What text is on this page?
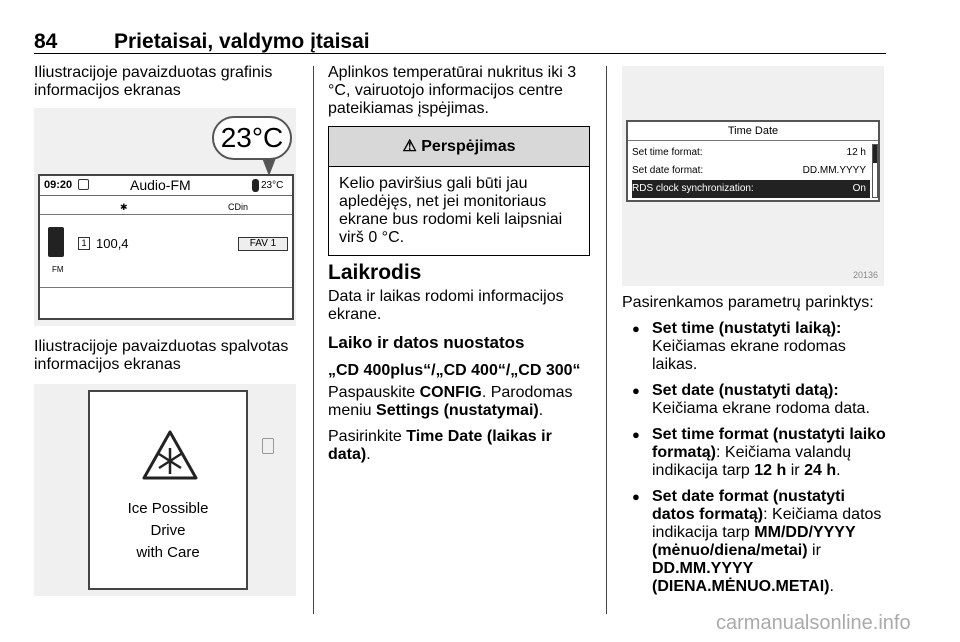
84	Prietaisai, valdymo įtaisai

Iliustracijoje pavaizduotas grafinis informacijos ekranas

23°C
09:20	Audio-FM	23°C
✱	CDin
FM
1 100,4	FAV 1

Iliustracijoje pavaizduotas spalvotas informacijos ekranas

Ice Possible
Drive
with Care

Aplinkos temperatūrai nukritus iki 3 °C, vairuotojo informacijos centre pateikiamas įspėjimas.

⚠ Perspėjimas
Kelio paviršius gali būti jau apledėjęs, net jei monitoriaus ekrane bus rodomi keli laipsniai virš 0 °C.

Laikrodis

Data ir laikas rodomi informacijos ekrane.

Laiko ir datos nuostatos

„CD 400plus“/„CD 400“/„CD 300“

Paspauskite CONFIG. Parodomas meniu Settings (nustatymai).

Pasirinkite Time Date (laikas ir data).

Time Date
Set time format:	12 h
Set date format:	DD.MM.YYYY
RDS clock synchronization:	On
20136

Pasirenkamos parametrų parinktys:

● Set time (nustatyti laiką): Keičiamas ekrane rodomas laikas.
● Set date (nustatyti datą): Keičiama ekrane rodoma data.
● Set time format (nustatyti laiko formatą): Keičiama valandų indikacija tarp 12 h ir 24 h.
● Set date format (nustatyti datos formatą): Keičiama datos indikacija tarp MM/DD/YYYY (mėnuo/diena/metai) ir DD.MM.YYYY (DIENA.MĖNUO.METAI).
carmanualsonline.info
